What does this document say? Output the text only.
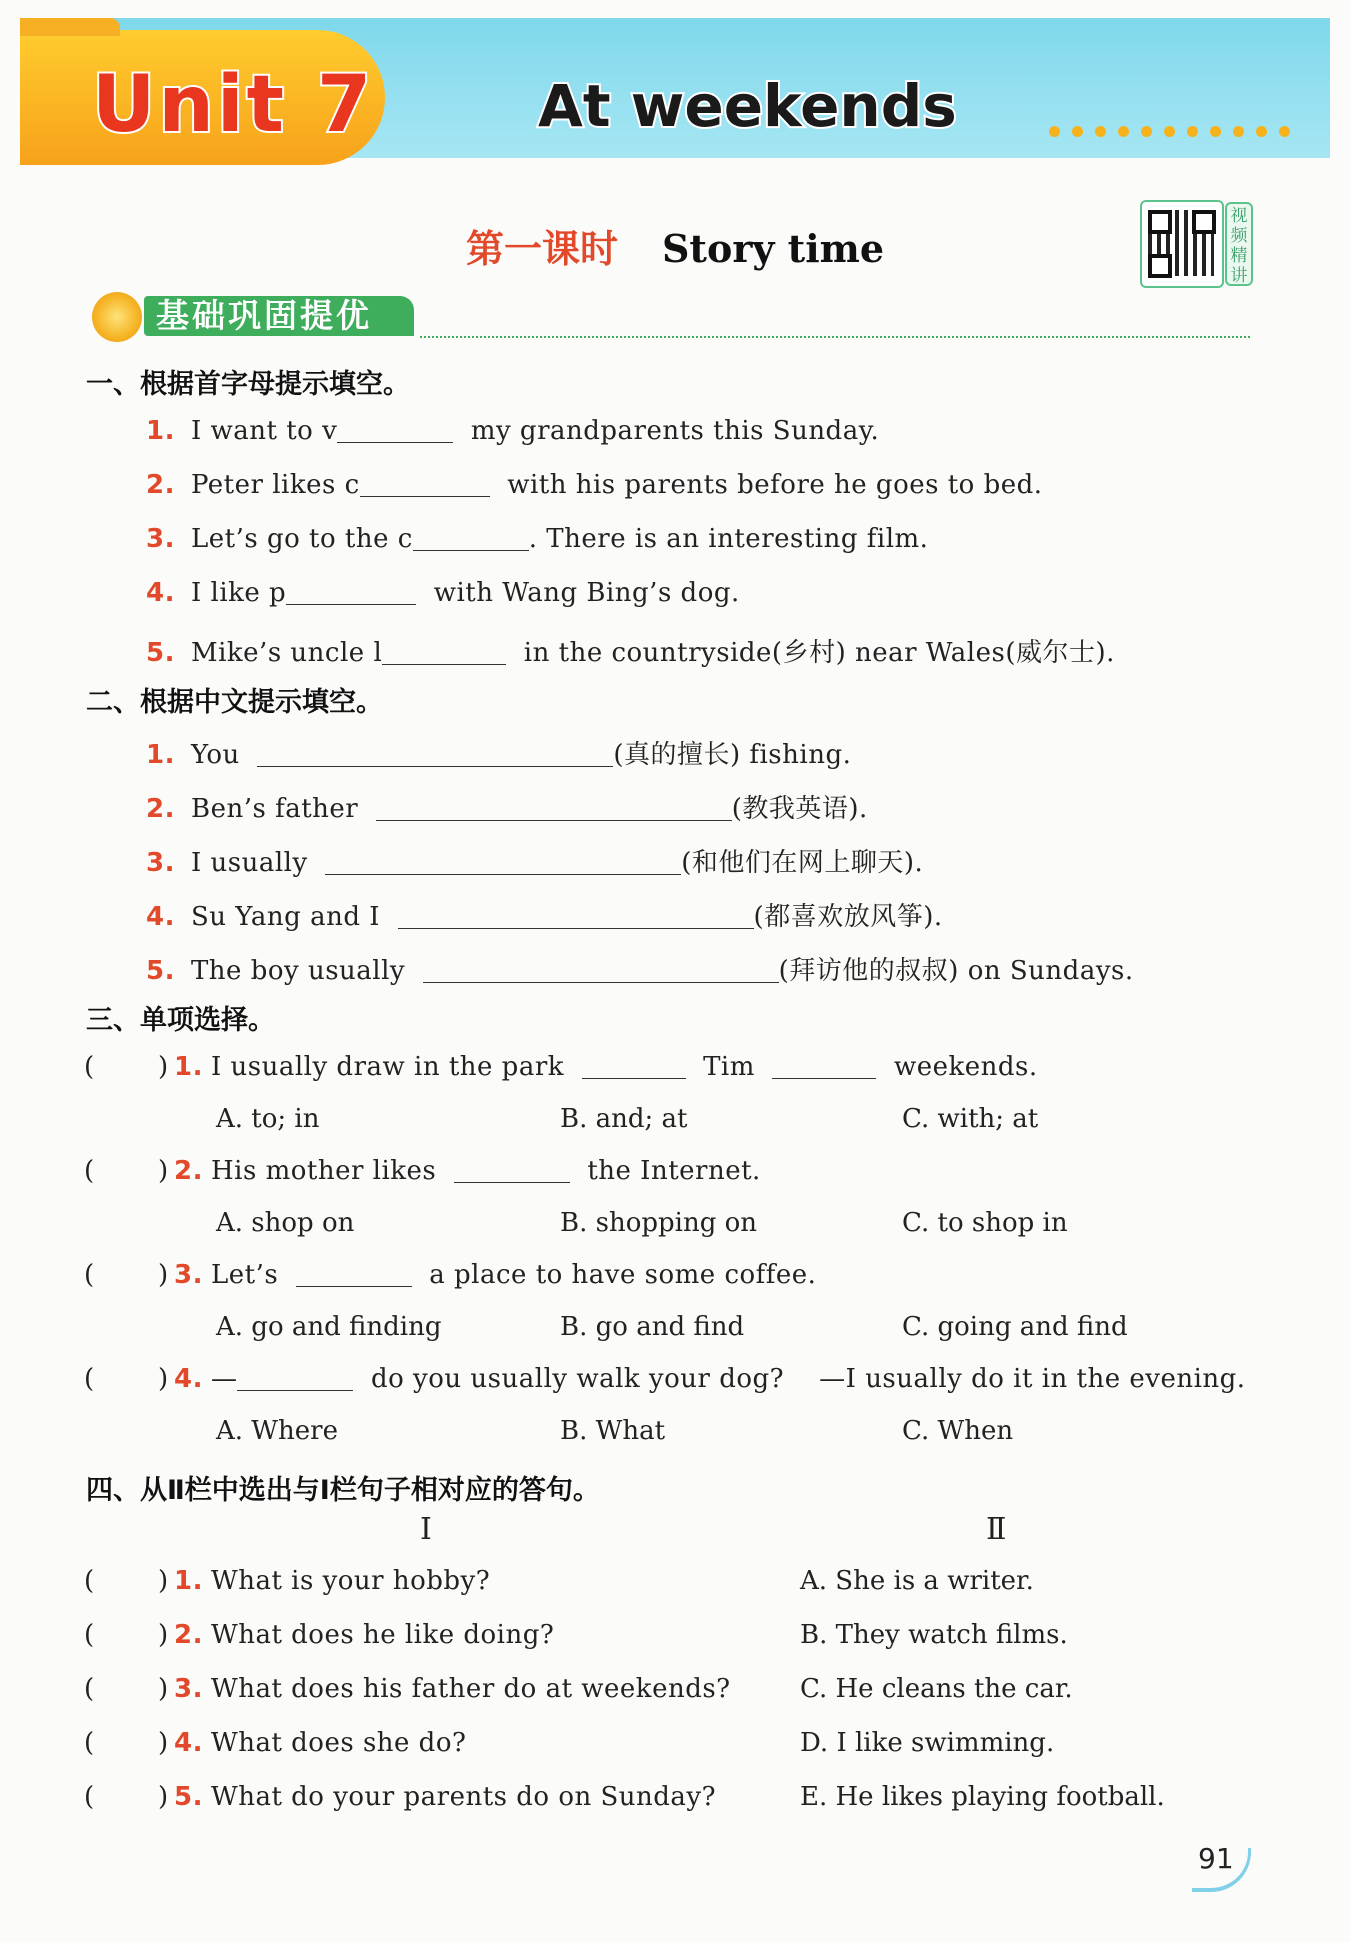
Unit 7	At weekends
第一课时 Story time
视
频
精
讲
基础巩固提优
一、根据首字母提示填空。
1. I want to v	my grandparents this Sunday.
2. Peter likes c	with his parents before he goes to bed.
3. Let’s go to the c	. There is an interesting film.
4. I like p	with Wang Bing’s dog.
5. Mike’s uncle l	in the countryside(乡村) near Wales(威尔士).
二、根据中文提示填空。
1. You	(真的擅长) fishing.
2. Ben’s father	(教我英语).
3. I usually	(和他们在网上聊天).
4. Su Yang and I	(都喜欢放风筝).
5. The boy usually	(拜访他的叔叔) on Sundays.
三、单项选择。
( ) 1. I usually draw in the park	Tim	weekends.
A. to; in	B. and; at	C. with; at
( ) 2. His mother likes	the Internet.
A. shop on	B. shopping on	C. to shop in
( ) 3. Let’s	a place to have some coffee.
A. go and finding	B. go and find	C. going and find
( ) 4. —	do you usually walk your dog? —I usually do it in the evening.
A. Where	B. What	C. When
四、从Ⅱ栏中选出与Ⅰ栏句子相对应的答句。
Ⅰ	Ⅱ
( ) 1. What is your hobby?	A. She is a writer.
( ) 2. What does he like doing?	B. They watch films.
( ) 3. What does his father do at weekends?	C. He cleans the car.
( ) 4. What does she do?	D. I like swimming.
( ) 5. What do your parents do on Sunday?	E. He likes playing football.
91
